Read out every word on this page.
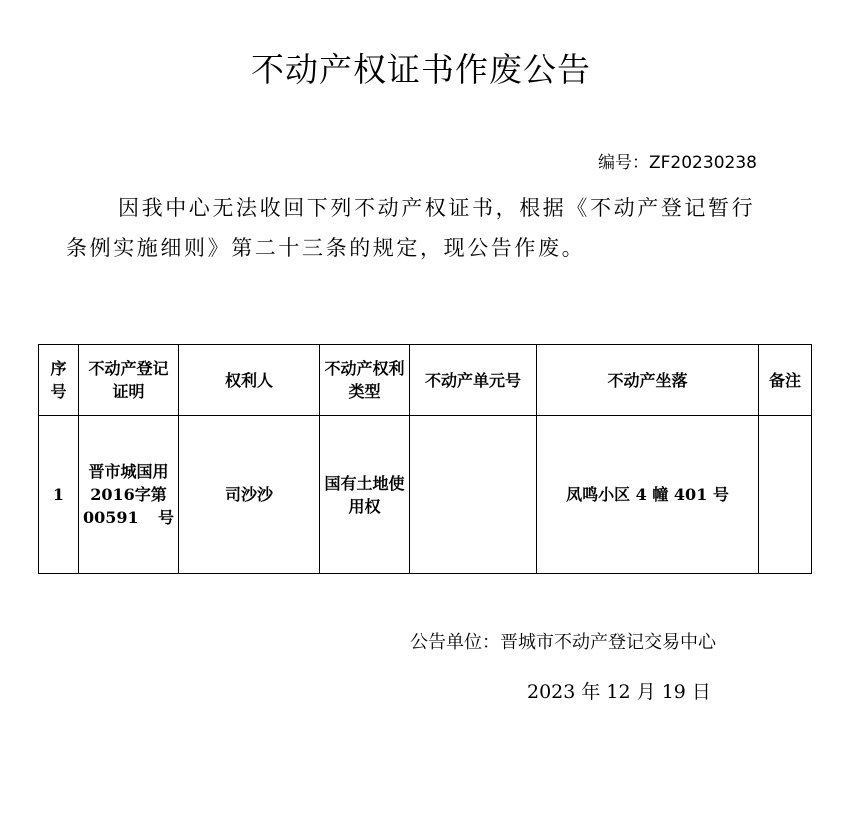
不动产权证书作废公告
编号：ZF20230238
因我中心无法收回下列不动产权证书，根据《不动产登记暂行条例实施细则》第二十三条的规定，现公告作废。
序号	不动产登记证明	权利人	不动产权利类型	不动产单元号	不动产坐落	备注
1	晋市城国用2016字第00591号	司沙沙	国有土地使用权		凤鸣小区 4 幢 401 号	
公告单位：晋城市不动产登记交易中心
2023 年 12 月 19 日
